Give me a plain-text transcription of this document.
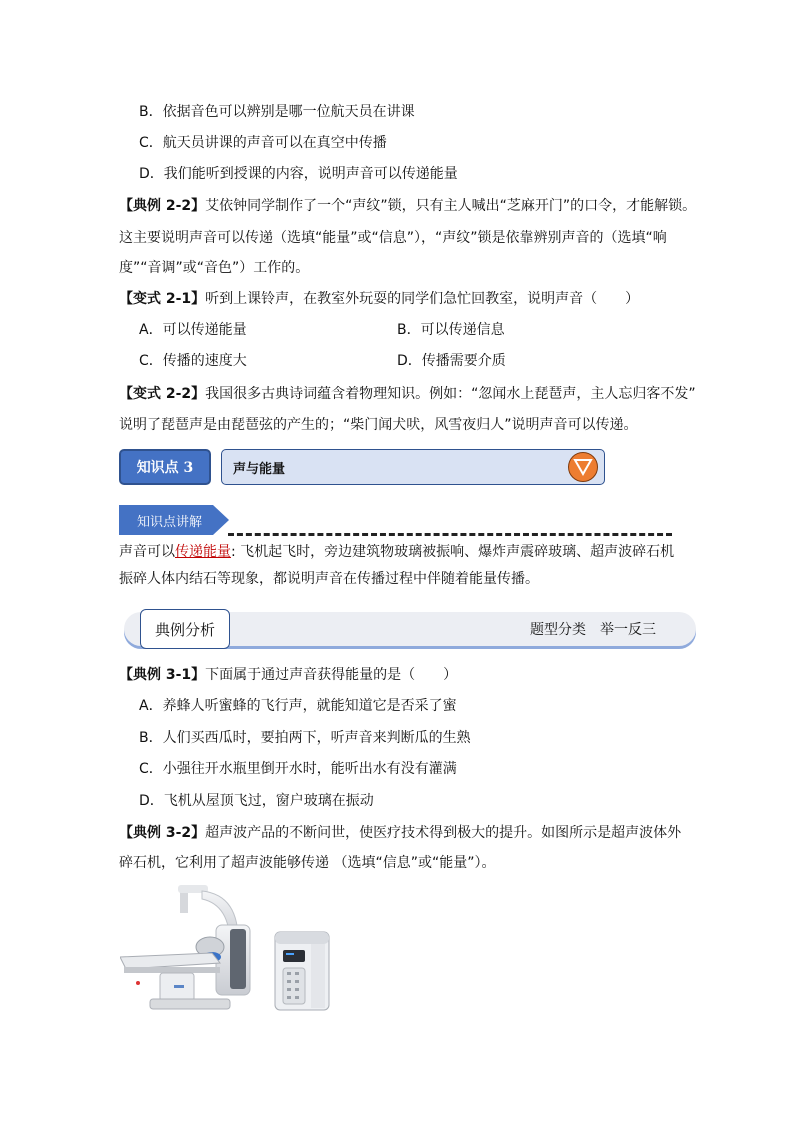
B．依据音色可以辨别是哪一位航天员在讲课
C．航天员讲课的声音可以在真空中传播
D．我们能听到授课的内容，说明声音可以传递能量
【典例 2-2】艾依钟同学制作了一个“声纹”锁，只有主人喊出“芝麻开门”的口令，才能解锁。
这主要说明声音可以传递（选填“能量”或“信息”），“声纹”锁是依靠辨别声音的（选填“响
度”“音调”或“音色”）工作的。
【变式 2-1】听到上课铃声，在教室外玩耍的同学们急忙回教室，说明声音（　　）
A．可以传递能量	B．可以传递信息
C．传播的速度大	D．传播需要介质
【变式 2-2】我国很多古典诗词蕴含着物理知识。例如：“忽闻水上琵琶声，主人忘归客不发”
说明了琵琶声是由琵琶弦的产生的；“柴门闻犬吠，风雪夜归人”说明声音可以传递。
知识点 3	声与能量
知识点讲解
声音可以传递能量: 飞机起飞时，旁边建筑物玻璃被振响、爆炸声震碎玻璃、超声波碎石机
振碎人体内结石等现象，都说明声音在传播过程中伴随着能量传播。
典例分析	题型分类　举一反三
【典例 3-1】下面属于通过声音获得能量的是（　　）
A．养蜂人听蜜蜂的飞行声，就能知道它是否采了蜜
B．人们买西瓜时，要拍两下，听声音来判断瓜的生熟
C．小强往开水瓶里倒开水时，能听出水有没有灌满
D．飞机从屋顶飞过，窗户玻璃在振动
【典例 3-2】超声波产品的不断问世，使医疗技术得到极大的提升。如图所示是超声波体外
碎石机，它利用了超声波能够传递 （选填“信息”或“能量”）。
